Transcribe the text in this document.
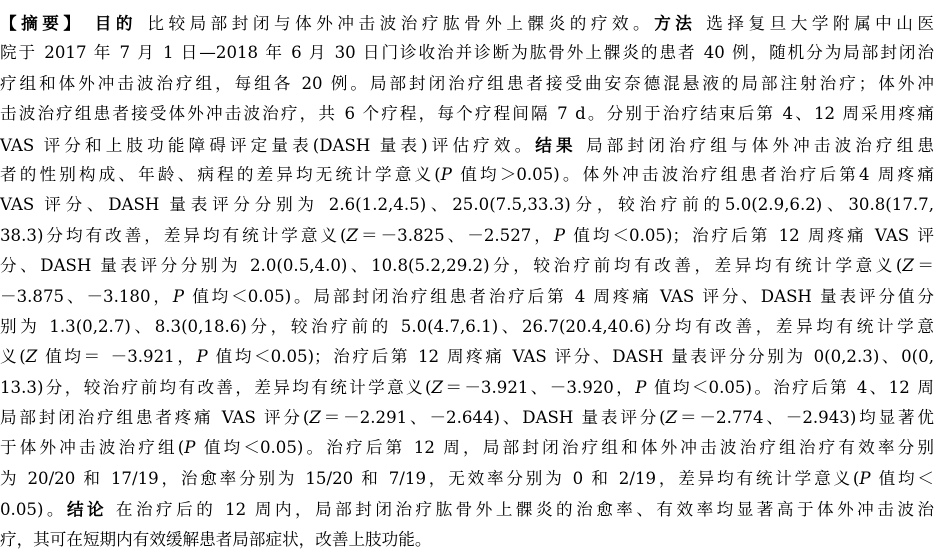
【摘要】 目的 比较局部封闭与体外冲击波治疗肱骨外上髁炎的疗效。方法 选择复旦大学附属中山医
院于 2017 年 7 月 1 日—2018 年 6 月 30 日门诊收治并诊断为肱骨外上髁炎的患者 40 例，随机分为局部封闭治
疗组和体外冲击波治疗组，每组各 20 例。局部封闭治疗组患者接受曲安奈德混悬液的局部注射治疗；体外冲
击波治疗组患者接受体外冲击波治疗，共 6 个疗程，每个疗程间隔 7 d。分别于治疗结束后第 4、12 周采用疼痛
VAS 评分和上肢功能障碍评定量表(DASH 量表)评估疗效。结果 局部封闭治疗组与体外冲击波治疗组患
者的性别构成、年龄、病程的差异均无统计学意义(P 值均＞0.05)。体外冲击波治疗组患者治疗后第4 周疼痛
VAS 评分、DASH 量表评分分别为 2.6(1.2,4.5)、25.0(7.5,33.3)分，较治疗前的5.0(2.9,6.2)、30.8(17.7,
38.3)分均有改善，差异均有统计学意义(Z＝－3.825、－2.527，P 值均＜0.05)；治疗后第 12 周疼痛 VAS 评
分、DASH 量表评分分别为 2.0(0.5,4.0)、10.8(5.2,29.2)分，较治疗前均有改善，差异均有统计学意义(Z＝
－3.875、－3.180，P 值均＜0.05)。局部封闭治疗组患者治疗后第 4 周疼痛 VAS 评分、DASH 量表评分值分
别为 1.3(0,2.7)、8.3(0,18.6)分，较治疗前的 5.0(4.7,6.1)、26.7(20.4,40.6)分均有改善，差异均有统计学意
义(Z 值均＝ －3.921，P 值均＜0.05)；治疗后第 12 周疼痛 VAS 评分、DASH 量表评分分别为 0(0,2.3)、0(0,
13.3)分，较治疗前均有改善，差异均有统计学意义(Z＝－3.921、－3.920，P 值均＜0.05)。治疗后第 4、12 周
局部封闭治疗组患者疼痛 VAS 评分(Z＝－2.291、－2.644)、DASH 量表评分(Z＝－2.774、－2.943)均显著优
于体外冲击波治疗组(P 值均＜0.05)。治疗后第 12 周，局部封闭治疗组和体外冲击波治疗组治疗有效率分别
为 20/20 和 17/19，治愈率分别为 15/20 和 7/19，无效率分别为 0 和 2/19，差异均有统计学意义(P 值均＜
0.05)。结论 在治疗后的 12 周内，局部封闭治疗肱骨外上髁炎的治愈率、有效率均显著高于体外冲击波治
疗，其可在短期内有效缓解患者局部症状，改善上肢功能。
